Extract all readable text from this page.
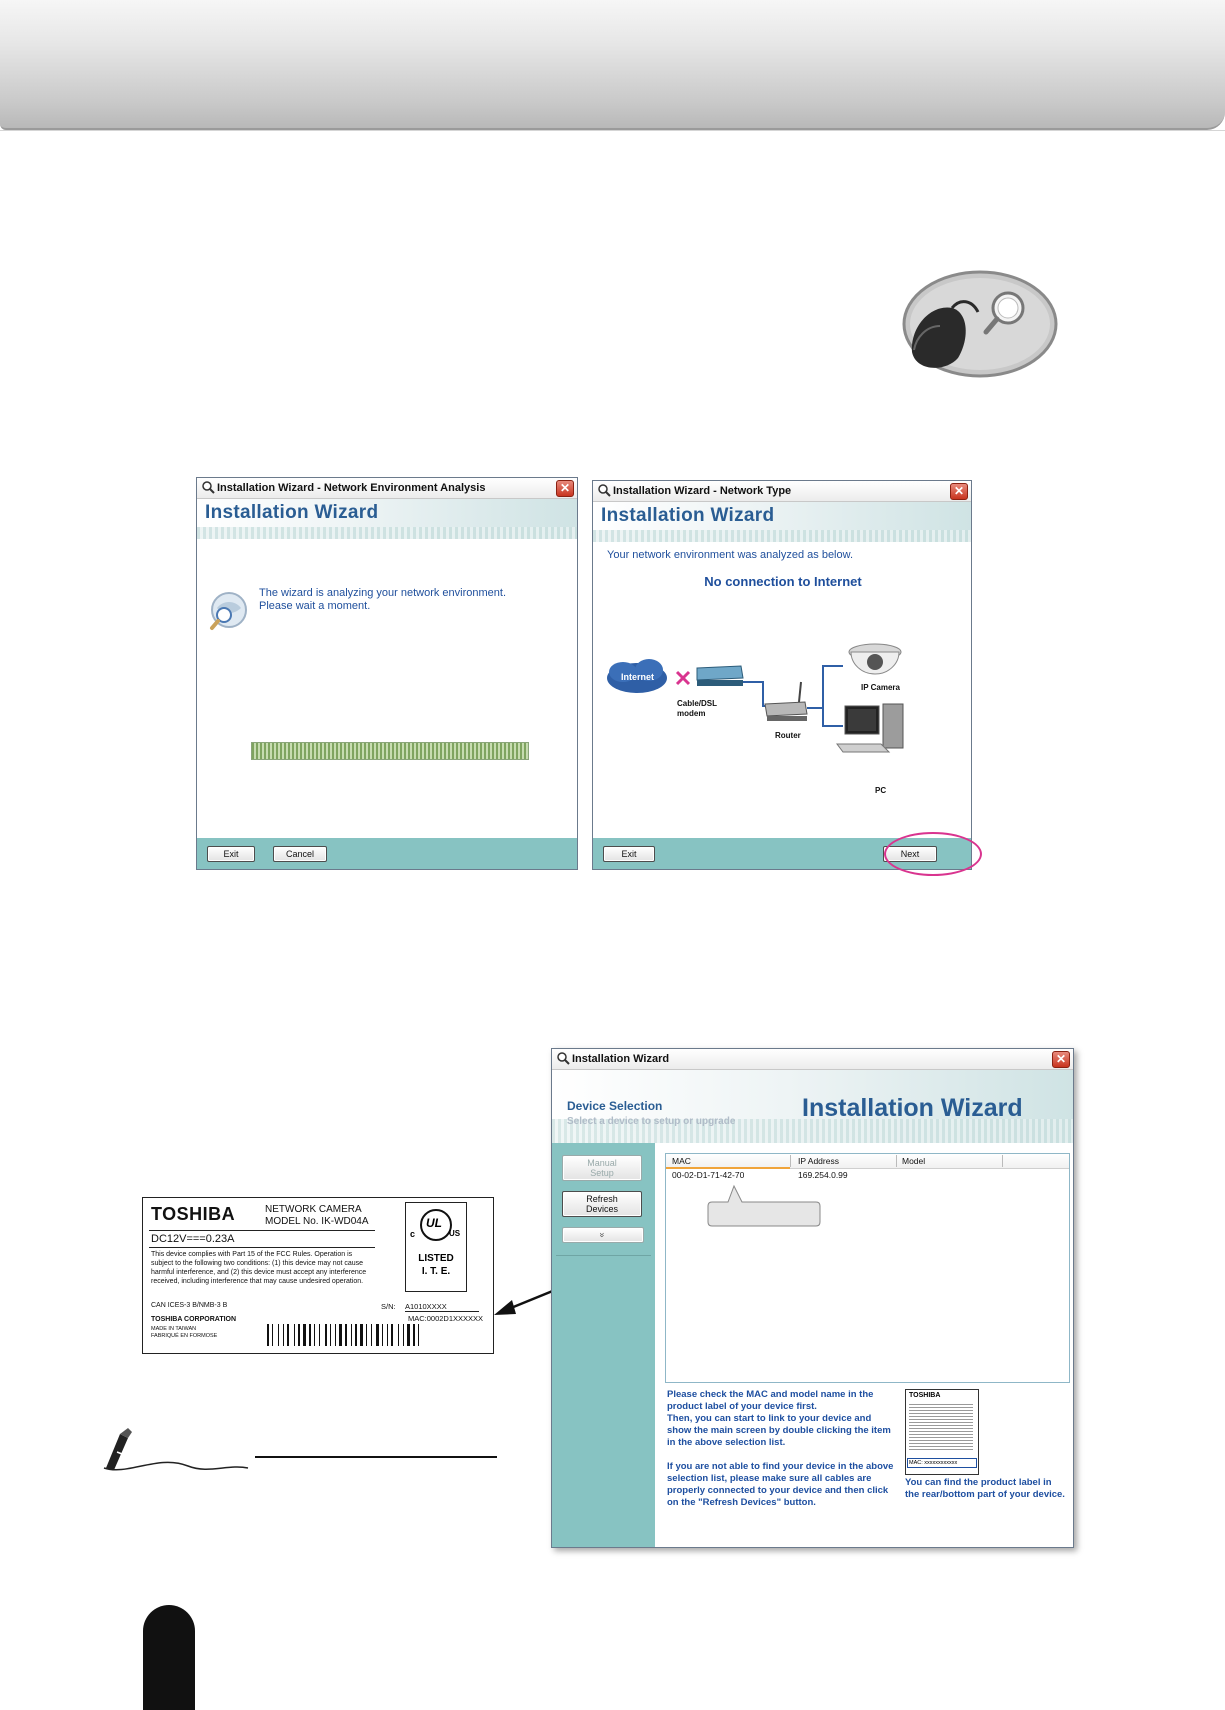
Installation Wizard - Network Environment Analysis	✕
Installation Wizard
The wizard is analyzing your network environment.
Please wait a moment.
Exit	Cancel
Installation Wizard - Network Type	✕
Installation Wizard
Your network environment was analyzed as below.
No connection to Internet
Internet
Cable/DSL
modem
Router
IP Camera
PC
Exit	Next
TOSHIBA	NETWORK CAMERA
MODEL No. IK-WD04A
DC12V===0.23A
This device complies with Part 15 of the FCC Rules. Operation is subject to the following two conditions: (1) this device may not cause harmful interference, and (2) this device must accept any interference received, including interference that may cause undesired operation.
CAN ICES-3 B/NMB-3 B
TOSHIBA CORPORATION
MADE IN TAIWAN
FABRIQUÉ EN FORMOSE
c
UL
US
LISTED
I. T. E.
S/N: A1010XXXX
MAC:0002D1XXXXXX
Installation Wizard	✕
Device Selection
Select a device to setup or upgrade	Installation Wizard
Manual
Setup
Refresh
Devices
»
MAC	IP Address	Model
00-02-D1-71-42-70	169.254.0.99
Please check the MAC and model name in the product label of your device first.
Then, you can start to link to your device and show the main screen by double clicking the item in the above selection list.
If you are not able to find your device in the above selection list, please make sure all cables are properly connected to your device and then click on the "Refresh Devices" button.
TOSHIBA
MAC: xxxxxxxxxxxx
You can find the product label in the rear/bottom part of your device.
